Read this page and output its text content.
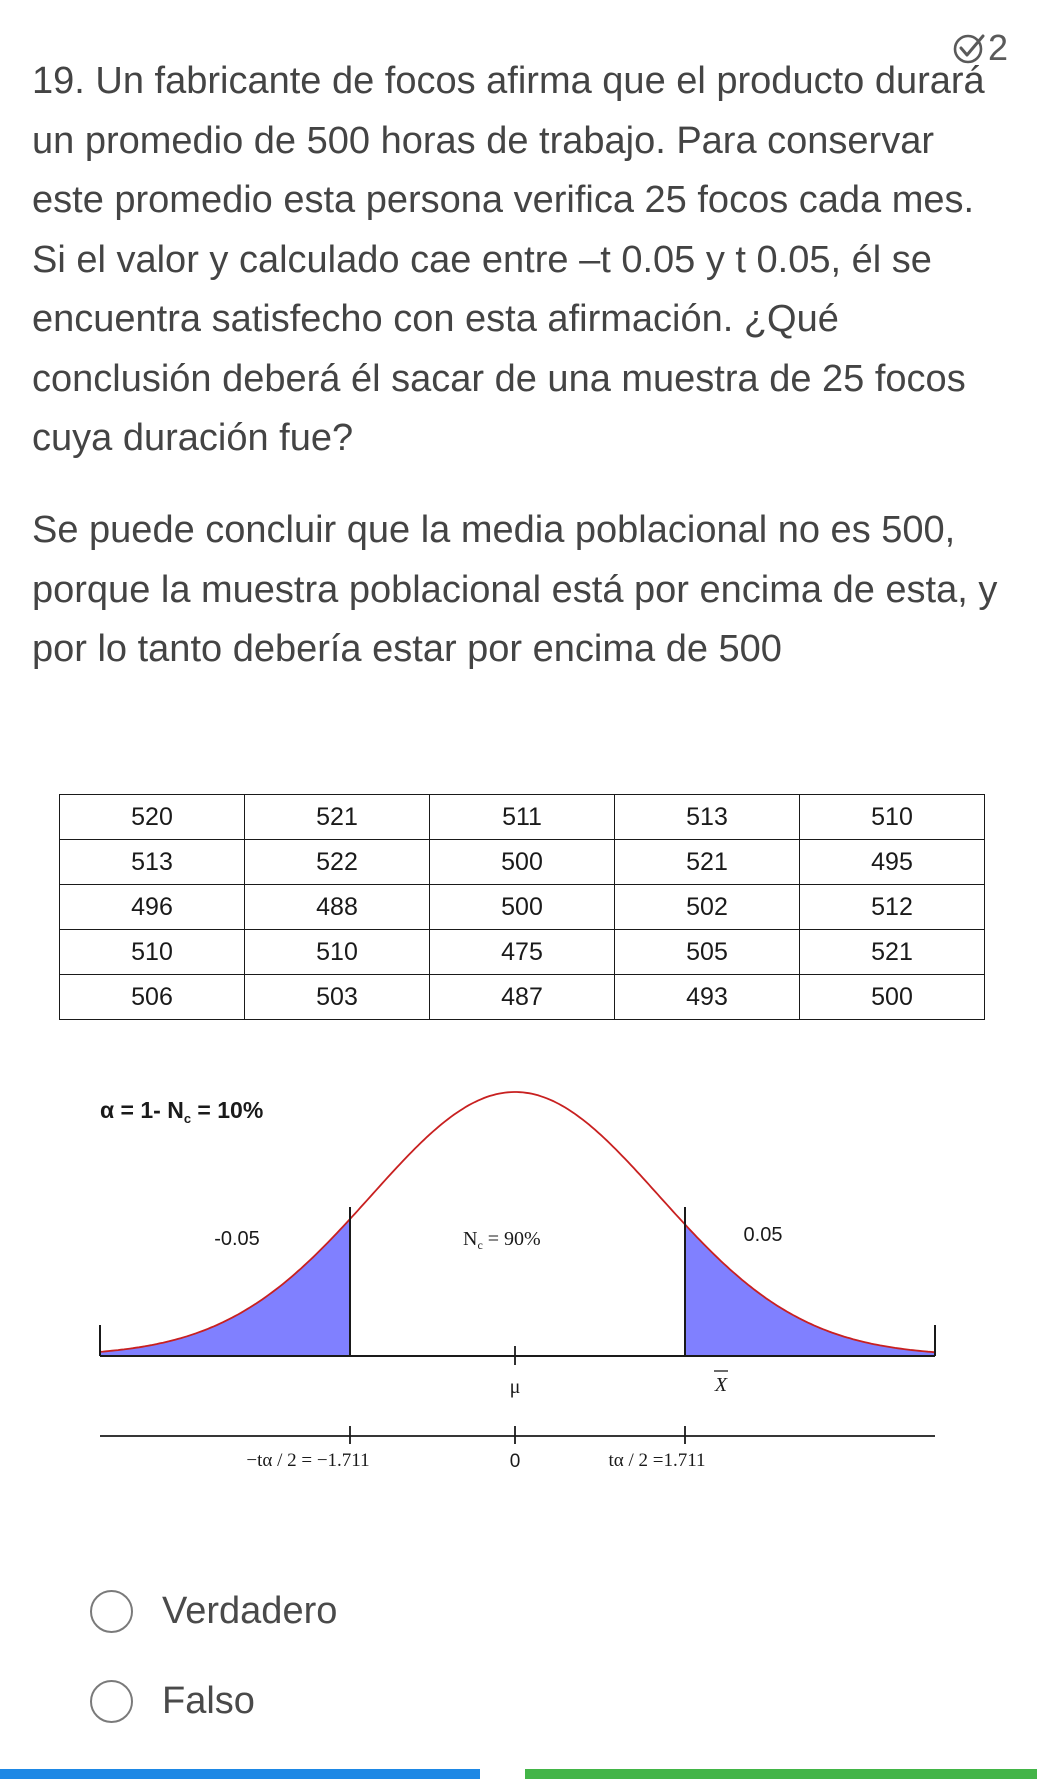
2

19. Un fabricante de focos afirma que el producto durará un promedio de 500 horas de trabajo. Para conservar este promedio esta persona verifica 25 focos cada mes. Si el valor y calculado cae entre –t 0.05 y t 0.05, él se encuentra satisfecho con esta afirmación. ¿Qué conclusión deberá él sacar de una muestra de 25 focos cuya duración fue?

Se puede concluir que la media poblacional no es 500, porque la muestra poblacional está por encima de esta, y por lo tanto debería estar por encima de 500

520	521	511	513	510
513	522	500	521	495
496	488	500	502	512
510	510	475	505	521
506	503	487	493	500
α = 1- $N_c = 10\%$
-0.05	0.05
$N_c = 90\%$
μ	X
−tα / 2 = −1.711	0	tα / 2 =1.711
Verdadero
Falso
